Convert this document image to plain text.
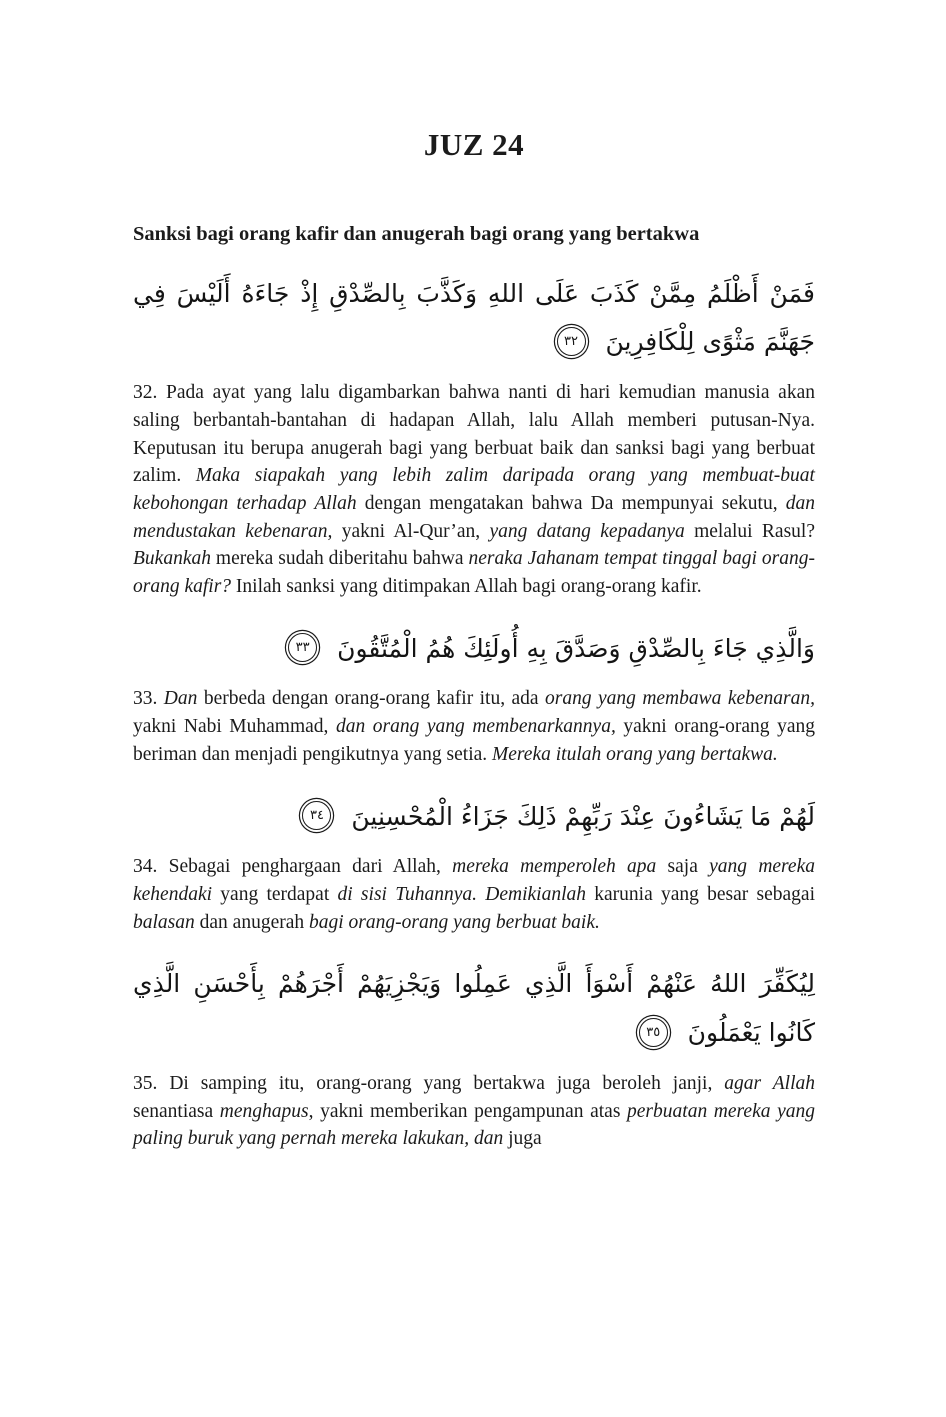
JUZ 24
Sanksi bagi orang kafir dan anugerah bagi orang yang bertakwa
فَمَنْ أَظْلَمُ مِمَّنْ كَذَبَ عَلَى اللهِ وَكَذَّبَ بِالصِّدْقِ إِذْ جَاءَهُ أَلَيْسَ فِي جَهَنَّمَ مَثْوًى لِلْكَافِرِينَ
٣٢

32. Pada ayat yang lalu digambarkan bahwa nanti di hari kemudian manusia akan saling berbantah-bantahan di hadapan Allah, lalu Allah memberi putusan-Nya. Keputusan itu berupa anugerah bagi yang berbuat baik dan sanksi bagi yang berbuat zalim. Maka siapakah yang lebih zalim daripada orang yang membuat-buat kebohongan terhadap Allah dengan mengatakan bahwa Da mempunyai sekutu, dan mendustakan kebenaran, yakni Al-Qur’an, yang datang kepadanya melalui Rasul? Bukankah mereka sudah diberitahu bahwa neraka Jahanam tempat tinggal bagi orang-orang kafir? Inilah sanksi yang ditimpakan Allah bagi orang-orang kafir.

وَالَّذِي جَاءَ بِالصِّدْقِ وَصَدَّقَ بِهِ أُولَئِكَ هُمُ الْمُتَّقُونَ
٣٣

33. Dan berbeda dengan orang-orang kafir itu, ada orang yang membawa kebenaran, yakni Nabi Muhammad, dan orang yang membenarkannya, yakni orang-orang yang beriman dan menjadi pengikutnya yang setia. Mereka itulah orang yang bertakwa.

لَهُمْ مَا يَشَاءُونَ عِنْدَ رَبِّهِمْ ذَلِكَ جَزَاءُ الْمُحْسِنِينَ
٣٤

34. Sebagai penghargaan dari Allah, mereka memperoleh apa saja yang mereka kehendaki yang terdapat di sisi Tuhannya. Demikianlah karunia yang besar sebagai balasan dan anugerah bagi orang-orang yang berbuat baik.

لِيُكَفِّرَ اللهُ عَنْهُمْ أَسْوَأَ الَّذِي عَمِلُوا وَيَجْزِيَهُمْ أَجْرَهُمْ بِأَحْسَنِ الَّذِي كَانُوا يَعْمَلُونَ
٣٥

35. Di samping itu, orang-orang yang bertakwa juga beroleh janji, agar Allah senantiasa menghapus, yakni memberikan pengampunan atas perbuatan mereka yang paling buruk yang pernah mereka lakukan, dan juga
